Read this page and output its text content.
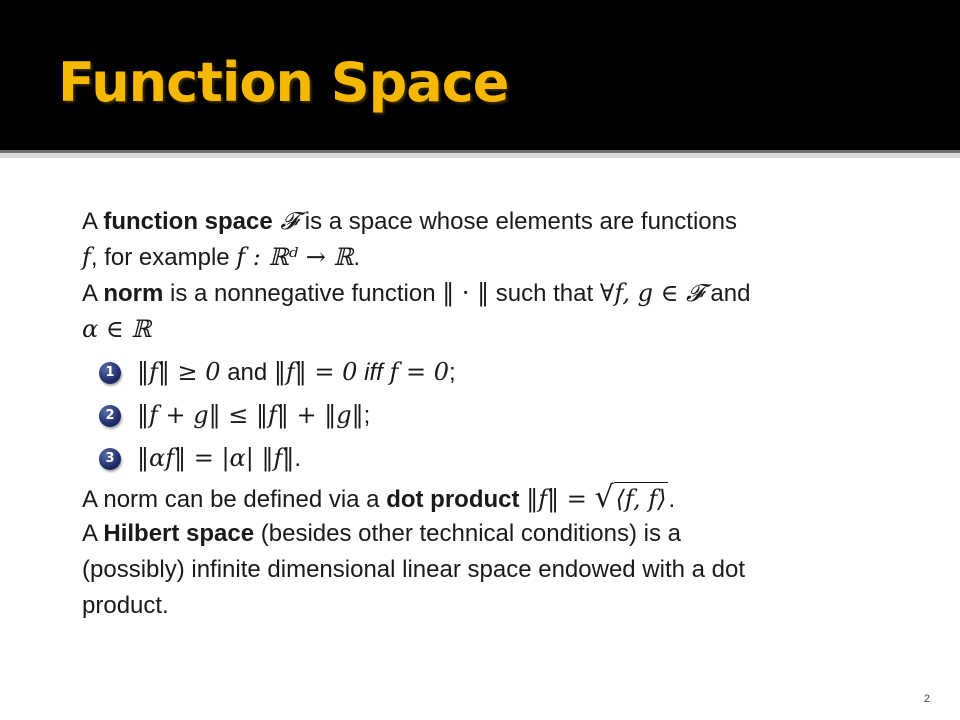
Function Space
A function space 𝓕 is a space whose elements are functions
f, for example f : ℝᵈ → ℝ.
A norm is a nonnegative function ‖ · ‖ such that ∀f, g ∈ 𝓕 and
α ∈ ℝ
1 ‖f‖ ≥ 0 and ‖f‖ = 0 iff f = 0;
2 ‖f + g‖ ≤ ‖f‖ + ‖g‖;
3 ‖αf‖ = |α| ‖f‖.
A norm can be defined via a dot product ‖f‖ = √⟨f, f⟩.
A Hilbert space (besides other technical conditions) is a
(possibly) infinite dimensional linear space endowed with a dot
product.
2
